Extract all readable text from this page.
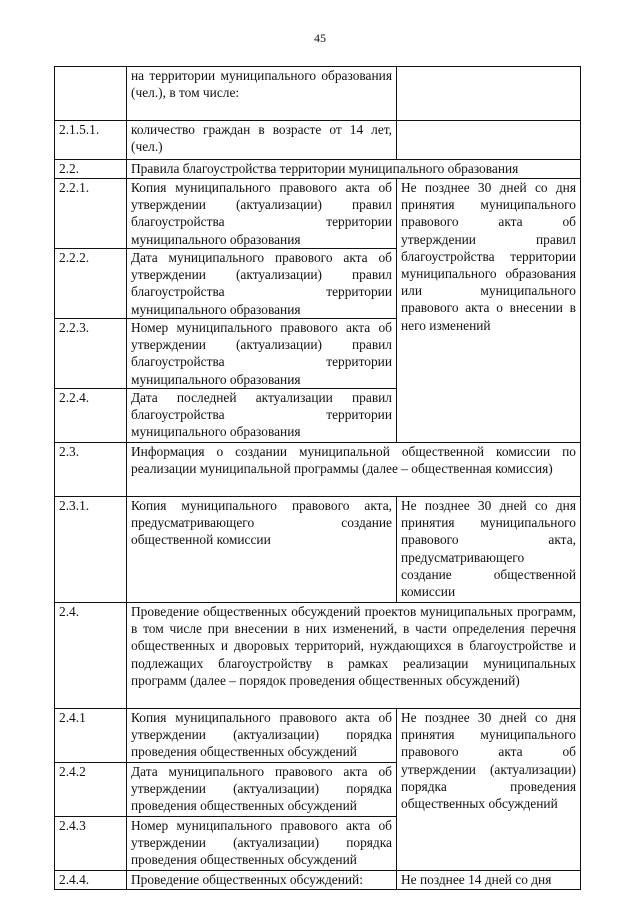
45
	на территории муниципального образования (чел.), в том числе:	
2.1.5.1.	количество граждан в возрасте от 14 лет, (чел.)	
2.2.	Правила благоустройства территории муниципального образования	
2.2.1.	Копия муниципального правового акта об утверждении (актуализации) правил благоустройства территории муниципального образования	Не позднее 30 дней со дня принятия муниципального правового акта об утверждении правил благоустройства территории муниципального образования или муниципального правового акта о внесении в него изменений
2.2.2.	Дата муниципального правового акта об утверждении (актуализации) правил благоустройства территории муниципального образования	
2.2.3.	Номер муниципального правового акта об утверждении (актуализации) правил благоустройства территории муниципального образования	
2.2.4.	Дата последней актуализации правил благоустройства территории муниципального образования	
2.3.	Информация о создании муниципальной общественной комиссии по реализации муниципальной программы (далее – общественная комиссия)	
2.3.1.	Копия муниципального правового акта, предусматривающего создание общественной комиссии	Не позднее 30 дней со дня принятия муниципального правового акта, предусматривающего создание общественной комиссии
2.4.	Проведение общественных обсуждений проектов муниципальных программ, в том числе при внесении в них изменений, в части определения перечня общественных и дворовых территорий, нуждающихся в благоустройстве и подлежащих благоустройству в рамках реализации муниципальных программ (далее – порядок проведения общественных обсуждений)	
2.4.1	Копия муниципального правового акта об утверждении (актуализации) порядка проведения общественных обсуждений	Не позднее 30 дней со дня принятия муниципального правового акта об утверждении (актуализации) порядка проведения общественных обсуждений
2.4.2	Дата муниципального правового акта об утверждении (актуализации) порядка проведения общественных обсуждений	
2.4.3	Номер муниципального правового акта об утверждении (актуализации) порядка проведения общественных обсуждений	
2.4.4.	Проведение общественных обсуждений:	Не позднее 14 дней со дня
